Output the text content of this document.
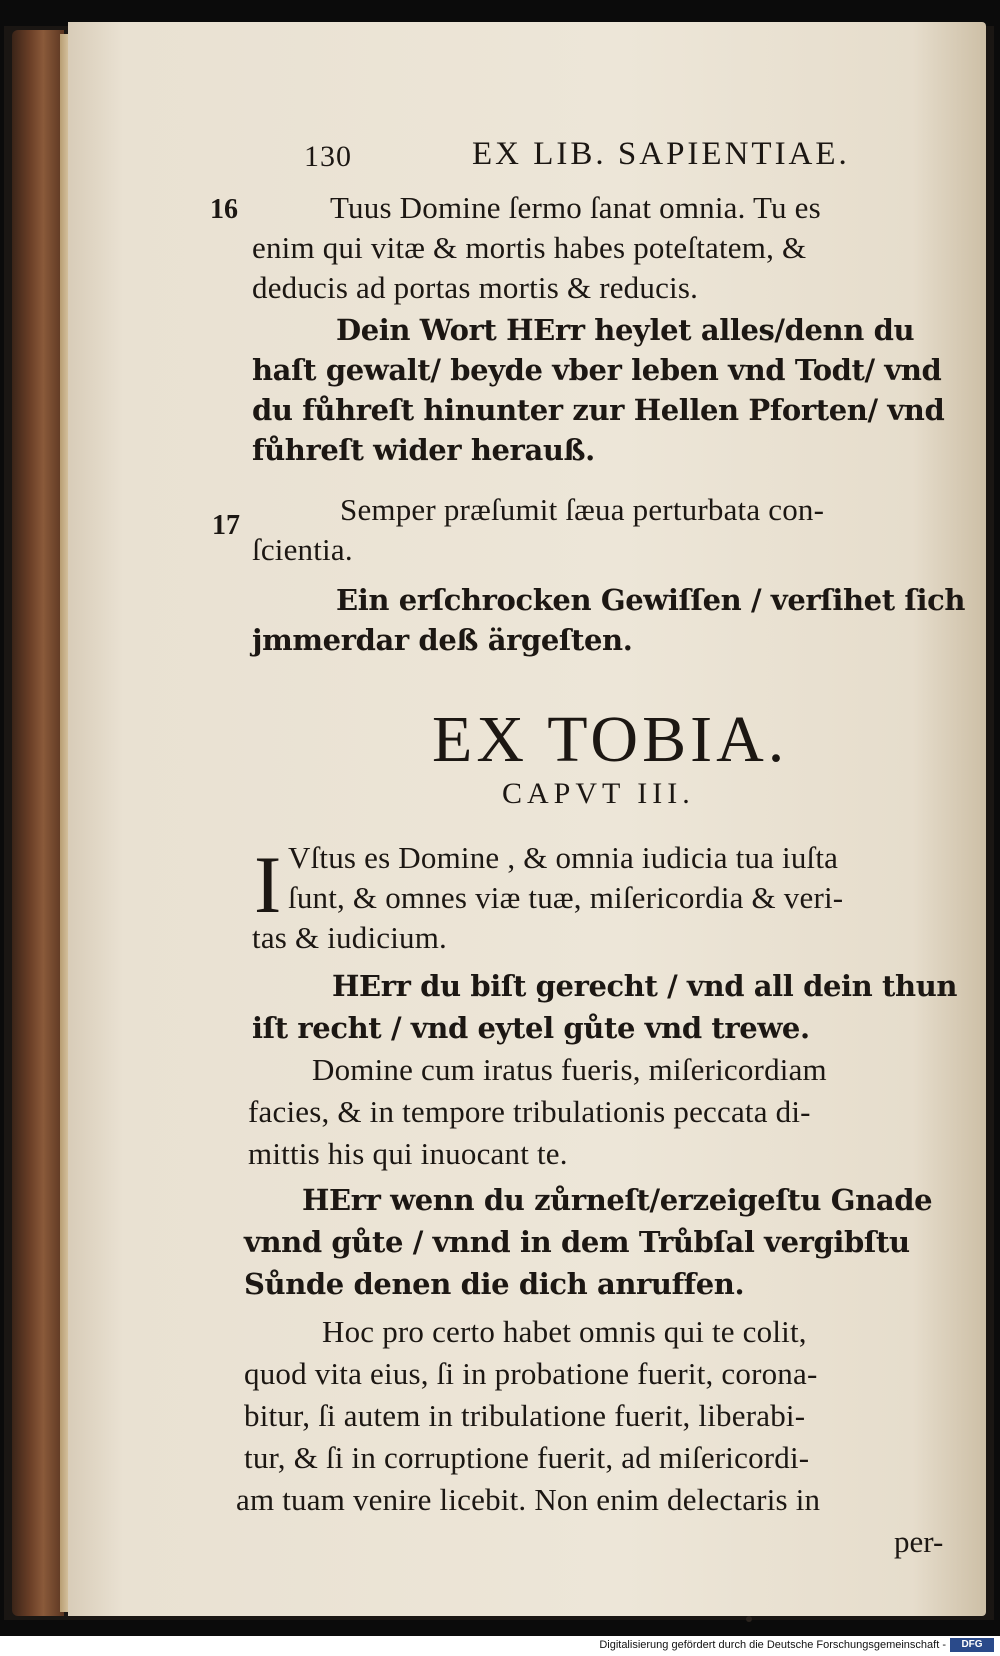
130	EX LIB. SAPIENTIAE.
16	Tuus Domine ſermo ſanat omnia. Tu es
enim qui vitæ & mortis habes poteſtatem, &
deducis ad portas mortis & reducis.
Dein Wort HErr heylet alles/denn du
haſt gewalt/ beyde vber leben vnd Todt/ vnd
du fůhreſt hinunter zur Hellen Pforten/ vnd
fůhreſt wider herauß.
17	Semper præſumit ſæua perturbata con-
ſcientia.
Ein erſchrocken Gewiſſen / verſihet ſich
jmmerdar deß ärgeſten.
EX TOBIA.
CAPVT III.
I Vſtus es Domine , & omnia iudicia tua iuſta
ſunt, & omnes viæ tuæ, miſericordia & veri-
tas & iudicium.
HErr du biſt gerecht / vnd all dein thun
iſt recht / vnd eytel gůte vnd trewe.
Domine cum iratus fueris, miſericordiam
facies, & in tempore tribulationis peccata di-
mittis his qui inuocant te.
HErr wenn du zůrneſt/erzeigeſtu Gnade
vnnd gůte / vnnd in dem Trůbſal vergibſtu
Sůnde denen die dich anruffen.
Hoc pro certo habet omnis qui te colit,
quod vita eius, ſi in probatione fuerit, corona-
bitur, ſi autem in tribulatione fuerit, liberabi-
tur, & ſi in corruptione fuerit, ad miſericordi-
am tuam venire licebit. Non enim delectaris in
per-
Digitalisierung gefördert durch die Deutsche Forschungsgemeinschaft -	DFG
